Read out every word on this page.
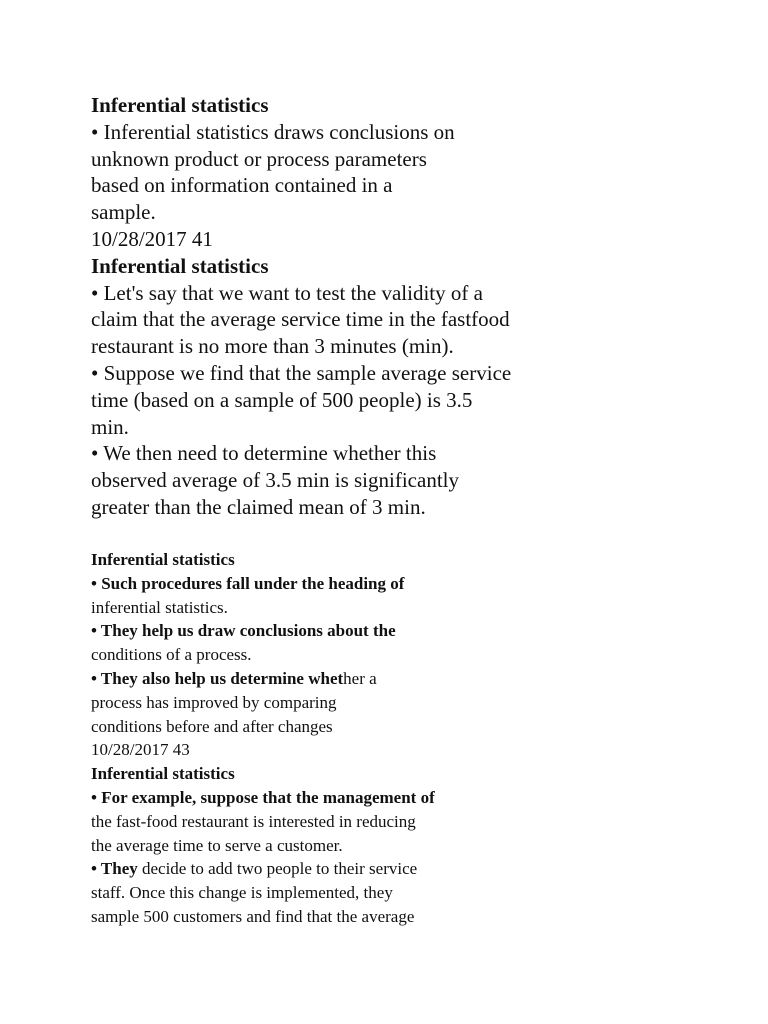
Inferential statistics
• Inferential statistics draws conclusions on
unknown product or process parameters
based on information contained in a
sample.
10/28/2017 41
Inferential statistics
• Let's say that we want to test the validity of a
claim that the average service time in the fastfood
restaurant is no more than 3 minutes (min).
• Suppose we find that the sample average service
time (based on a sample of 500 people) is 3.5
min.
• We then need to determine whether this
observed average of 3.5 min is significantly
greater than the claimed mean of 3 min.
Inferential statistics
• Such procedures fall under the heading of
inferential statistics.
• They help us draw conclusions about the
conditions of a process.
• They also help us determine whether a
process has improved by comparing
conditions before and after changes
10/28/2017 43
Inferential statistics
• For example, suppose that the management of
the fast-food restaurant is interested in reducing
the average time to serve a customer.
• They decide to add two people to their service
staff. Once this change is implemented, they
sample 500 customers and find that the average
